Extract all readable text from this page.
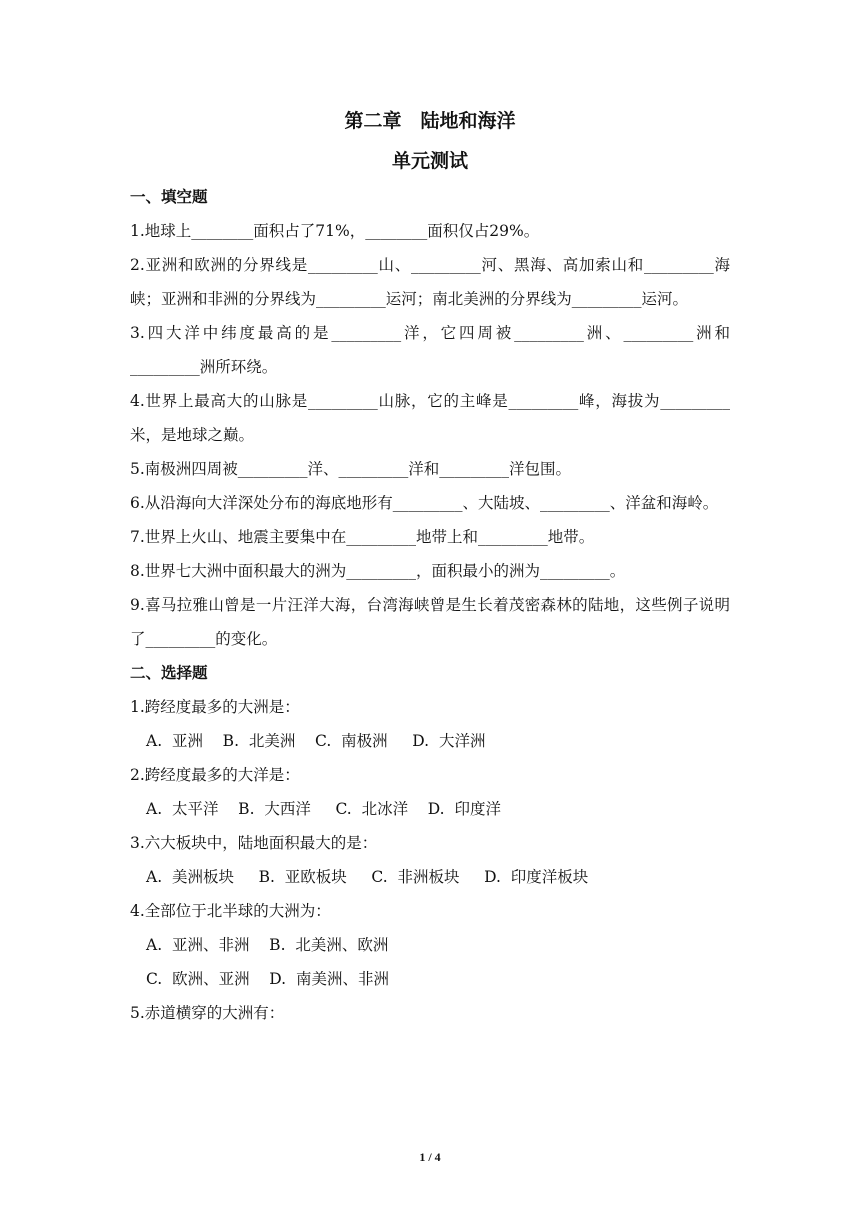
第二章　陆地和海洋
单元测试
一、填空题
1.地球上________面积占了71%，________面积仅占29%。
2.亚洲和欧洲的分界线是_________山、_________河、黑海、高加索山和_________海峡；亚洲和非洲的分界线为_________运河；南北美洲的分界线为_________运河。
3.四大洋中纬度最高的是_________洋，它四周被_________洲、_________洲和_________洲所环绕。
4.世界上最高大的山脉是_________山脉，它的主峰是_________峰，海拔为_________米，是地球之巅。
5.南极洲四周被_________洋、_________洋和_________洋包围。
6.从沿海向大洋深处分布的海底地形有_________、大陆坡、_________、洋盆和海岭。
7.世界上火山、地震主要集中在_________地带上和_________地带。
8.世界七大洲中面积最大的洲为_________，面积最小的洲为_________。
9.喜马拉雅山曾是一片汪洋大海，台湾海峡曾是生长着茂密森林的陆地，这些例子说明了_________的变化。
二、选择题
1.跨经度最多的大洲是：
A.  亚洲    B.  北美洲    C.  南极洲     D.  大洋洲
2.跨经度最多的大洋是：
A.  太平洋    B.  大西洋     C.  北冰洋    D.  印度洋
3.六大板块中，陆地面积最大的是：
A.  美洲板块     B.  亚欧板块     C.  非洲板块     D.  印度洋板块
4.全部位于北半球的大洲为：
A.  亚洲、非洲    B.  北美洲、欧洲
C.  欧洲、亚洲    D.  南美洲、非洲
5.赤道横穿的大洲有：
1 / 4
